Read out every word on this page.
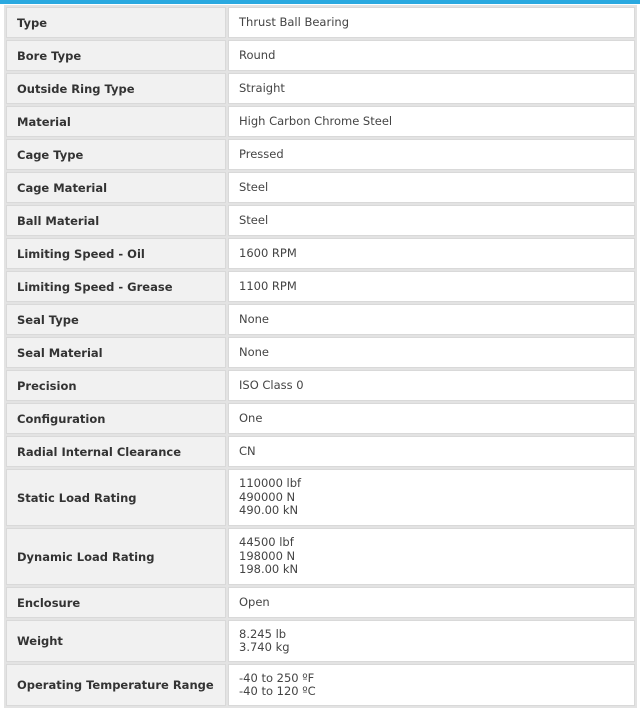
Type	Thrust Ball Bearing

Bore Type	Round

Outside Ring Type	Straight

Material	High Carbon Chrome Steel

Cage Type	Pressed

Cage Material	Steel

Ball Material	Steel

Limiting Speed - Oil	1600 RPM

Limiting Speed - Grease	1100 RPM

Seal Type	None

Seal Material	None

Precision	ISO Class 0

Configuration	One

Radial Internal Clearance	CN

Static Load Rating	110000 lbf
490000 N
490.00 kN

Dynamic Load Rating	44500 lbf
198000 N
198.00 kN

Enclosure	Open

Weight	8.245 lb
3.740 kg

Operating Temperature Range	-40 to 250 ºF
-40 to 120 ºC
